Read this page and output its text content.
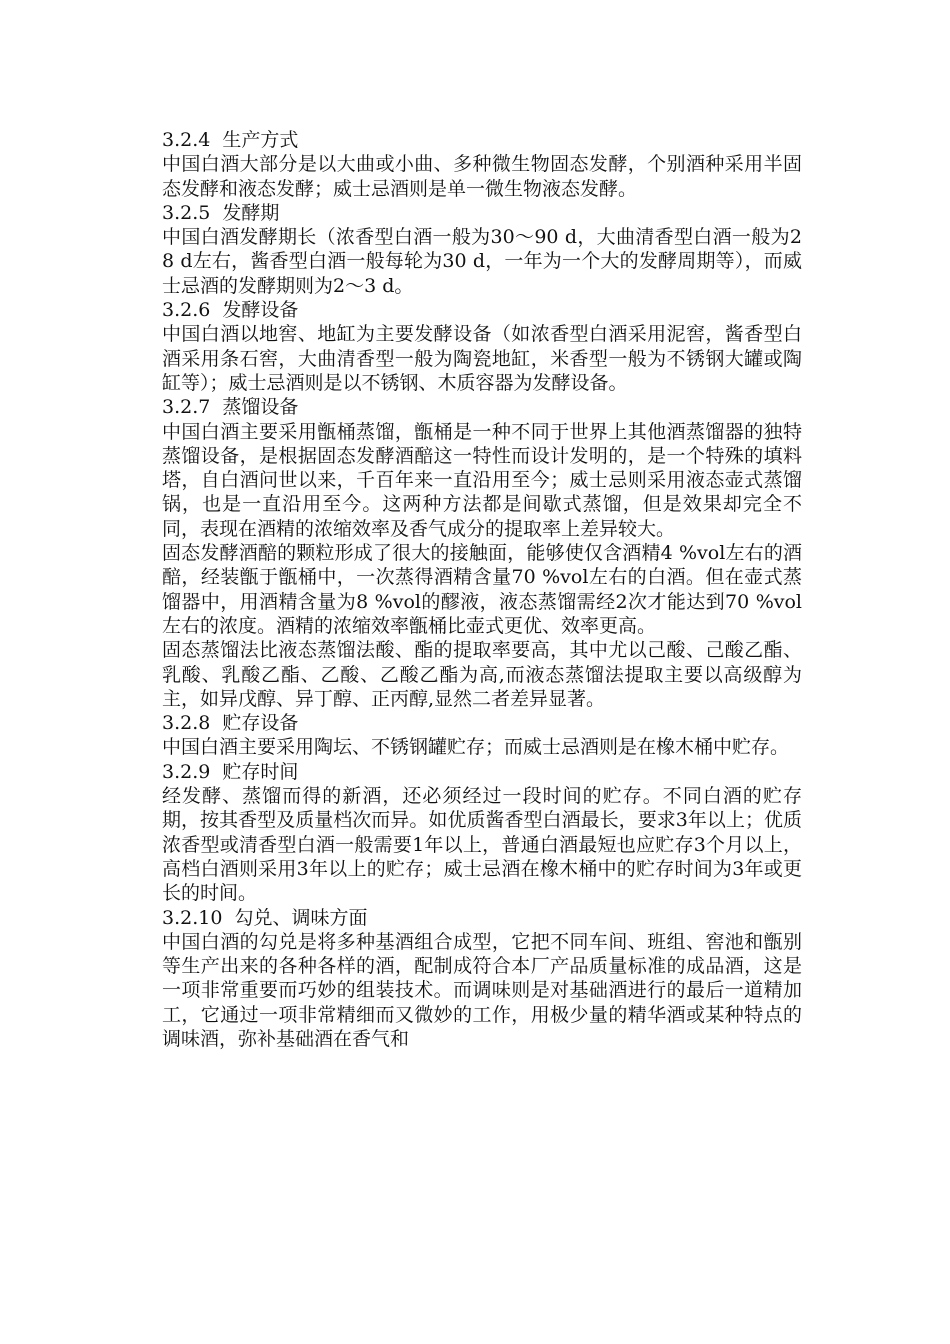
3.2.4  生产方式

中国白酒大部分是以大曲或小曲、多种微生物固态发酵，个别酒种采用半固态发酵和液态发酵；威士忌酒则是单一微生物液态发酵。

3.2.5  发酵期

中国白酒发酵期长（浓香型白酒一般为30～90 d，大曲清香型白酒一般为28 d左右，酱香型白酒一般每轮为30 d，一年为一个大的发酵周期等），而威士忌酒的发酵期则为2～3 d。

3.2.6  发酵设备

中国白酒以地窖、地缸为主要发酵设备（如浓香型白酒采用泥窖，酱香型白酒采用条石窖，大曲清香型一般为陶瓷地缸，米香型一般为不锈钢大罐或陶缸等）；威士忌酒则是以不锈钢、木质容器为发酵设备。

3.2.7  蒸馏设备

中国白酒主要采用甑桶蒸馏，甑桶是一种不同于世界上其他酒蒸馏器的独特蒸馏设备，是根据固态发酵酒醅这一特性而设计发明的，是一个特殊的填料塔，自白酒问世以来，千百年来一直沿用至今；威士忌则采用液态壶式蒸馏锅，也是一直沿用至今。这两种方法都是间歇式蒸馏，但是效果却完全不同，表现在酒精的浓缩效率及香气成分的提取率上差异较大。

固态发酵酒醅的颗粒形成了很大的接触面，能够使仅含酒精4 %vol左右的酒醅，经装甑于甑桶中，一次蒸得酒精含量70 %vol左右的白酒。但在壶式蒸馏器中，用酒精含量为8 %vol的醪液，液态蒸馏需经2次才能达到70 %vol左右的浓度。酒精的浓缩效率甑桶比壶式更优、效率更高。

固态蒸馏法比液态蒸馏法酸、酯的提取率要高，其中尤以己酸、己酸乙酯、乳酸、乳酸乙酯、乙酸、乙酸乙酯为高,而液态蒸馏法提取主要以高级醇为主，如异戊醇、异丁醇、正丙醇,显然二者差异显著。

3.2.8  贮存设备

中国白酒主要采用陶坛、不锈钢罐贮存；而威士忌酒则是在橡木桶中贮存。

3.2.9  贮存时间

经发酵、蒸馏而得的新酒，还必须经过一段时间的贮存。不同白酒的贮存期，按其香型及质量档次而异。如优质酱香型白酒最长，要求3年以上；优质浓香型或清香型白酒一般需要1年以上，普通白酒最短也应贮存3个月以上，高档白酒则采用3年以上的贮存；威士忌酒在橡木桶中的贮存时间为3年或更长的时间。

3.2.10  勾兑、调味方面

中国白酒的勾兑是将多种基酒组合成型，它把不同车间、班组、窖池和甑别等生产出来的各种各样的酒，配制成符合本厂产品质量标准的成品酒，这是一项非常重要而巧妙的组装技术。而调味则是对基础酒进行的最后一道精加工，它通过一项非常精细而又微妙的工作，用极少量的精华酒或某种特点的调味酒，弥补基础酒在香气和
